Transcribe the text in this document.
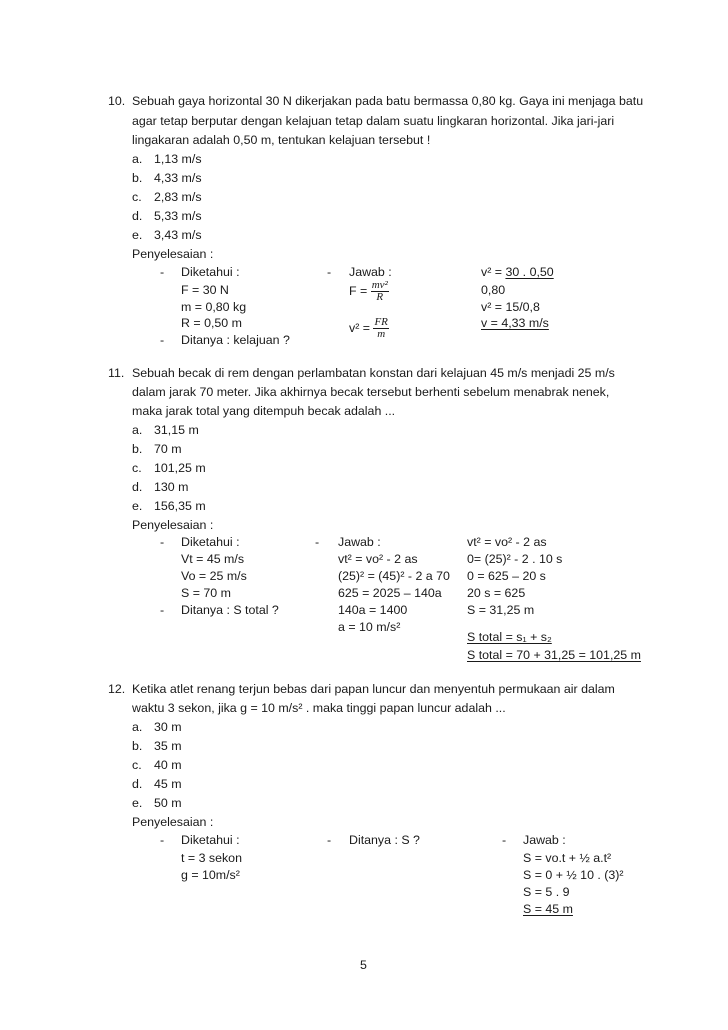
10. Sebuah gaya horizontal 30 N dikerjakan pada batu bermassa 0,80 kg. Gaya ini menjaga batu
agar tetap berputar dengan kelajuan tetap dalam suatu lingkaran horizontal. Jika jari-jari
lingakaran adalah 0,50 m, tentukan kelajuan tersebut !
a. 1,13 m/s
b. 4,33 m/s
c. 2,83 m/s
d. 5,33 m/s
e. 3,43 m/s
Penyelesaian :
- Diketahui :
F = 30 N
m = 0,80 kg
R = 0,50 m
- Ditanya : kelajuan ?
- Jawab :
$F = \frac{\text{mv²}}{R}$
$v^2 = \frac{FR}{m}$
v² = 30 . 0,50
0,80
v² = 15/0,8
v = 4,33 m/s
11. Sebuah becak di rem dengan perlambatan konstan dari kelajuan 45 m/s menjadi 25 m/s
dalam jarak 70 meter. Jika akhirnya becak tersebut berhenti sebelum menabrak nenek,
maka jarak total yang ditempuh becak adalah ...
a. 31,15 m
b. 70 m
c. 101,25 m
d. 130 m
e. 156,35 m
Penyelesaian :
- Diketahui :
Vt = 45 m/s
Vo = 25 m/s
S = 70 m
- Ditanya : S total ?
- Jawab :
vt² = vo² - 2 as
(25)² = (45)² - 2 a 70
625 = 2025 – 140a
140a = 1400
a = 10 m/s²
vt² = vo² - 2 as
0= (25)² - 2 . 10 s
0 = 625 – 20 s
20 s = 625
S = 31,25 m
S total = s₁ + s₂
S total = 70 + 31,25 = 101,25 m
12. Ketika atlet renang terjun bebas dari papan luncur dan menyentuh permukaan air dalam
waktu 3 sekon, jika g = 10 m/s² . maka tinggi papan luncur adalah ...
a. 30 m
b. 35 m
c. 40 m
d. 45 m
e. 50 m
Penyelesaian :
- Diketahui :
t = 3 sekon
g = 10m/s²
- Ditanya : S ?	- Jawab :
S = vo.t + ½ a.t²
S = 0 + ½ 10 . (3)²
S = 5 . 9
S = 45 m
5
